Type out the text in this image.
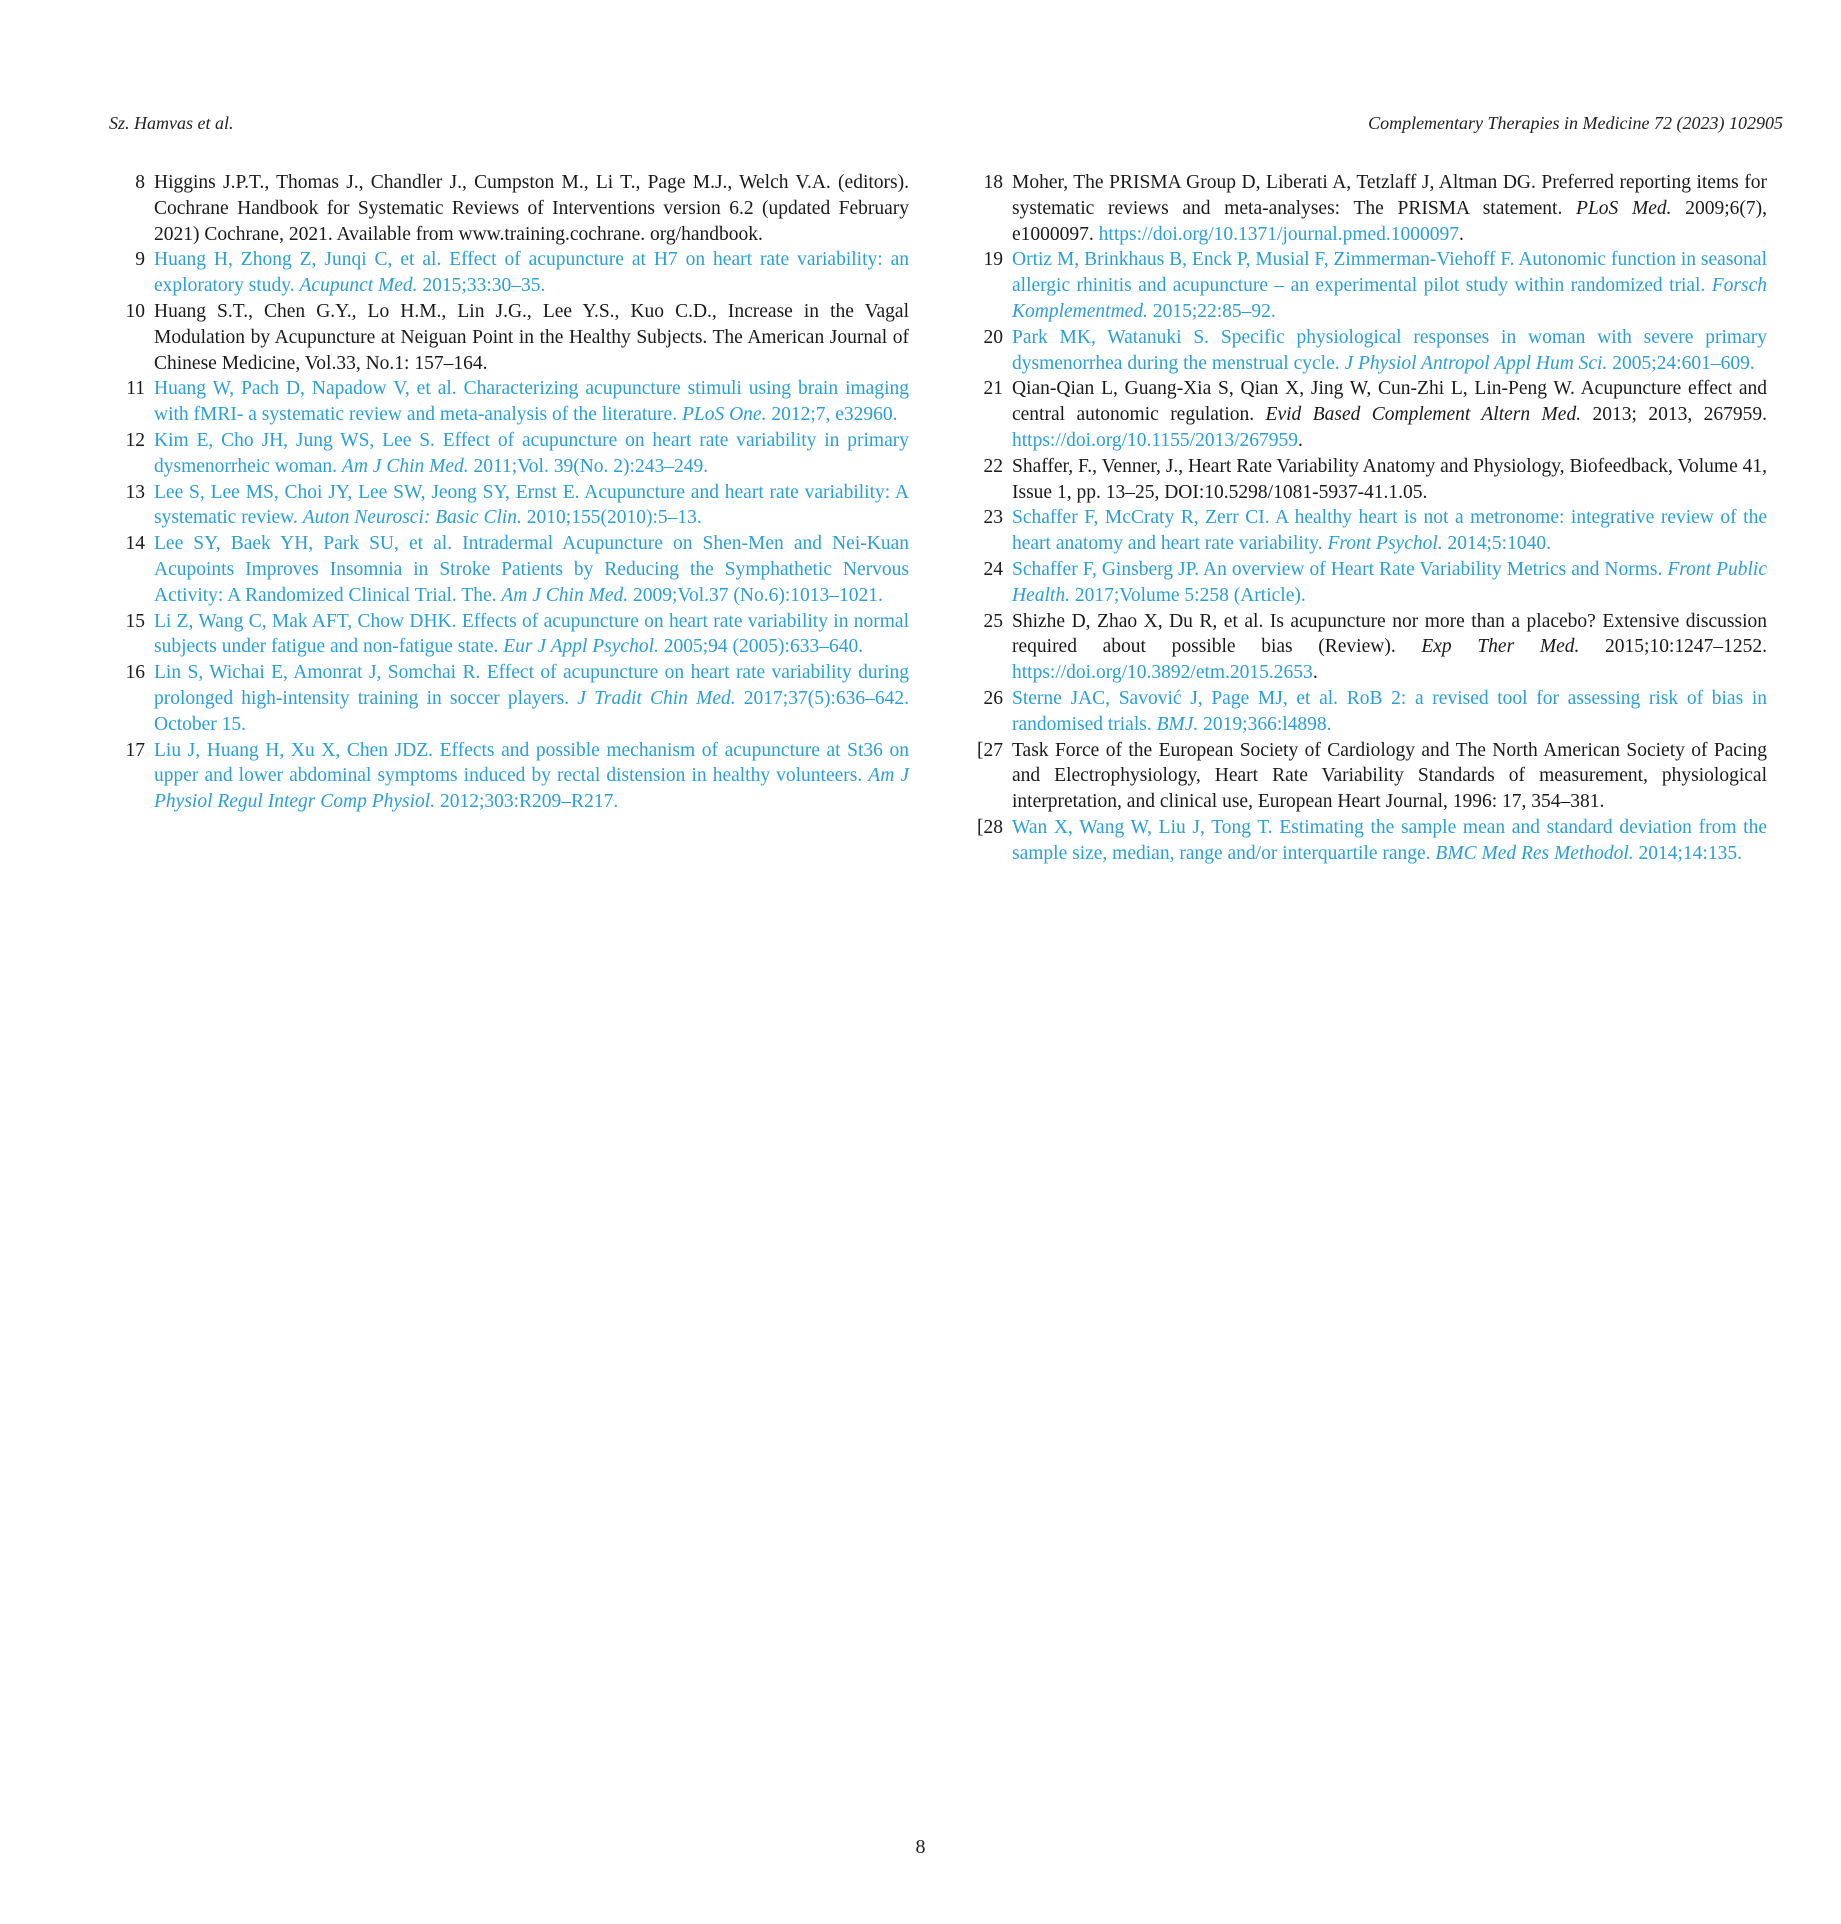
Sz. Hamvas et al.	Complementary Therapies in Medicine 72 (2023) 102905
8 Higgins J.P.T., Thomas J., Chandler J., Cumpston M., Li T., Page M.J., Welch V.A. (editors). Cochrane Handbook for Systematic Reviews of Interventions version 6.2 (updated February 2021) Cochrane, 2021. Available from www.training.cochrane. org/handbook.
9 Huang H, Zhong Z, Junqi C, et al. Effect of acupuncture at H7 on heart rate variability: an exploratory study. Acupunct Med. 2015;33:30–35.
10 Huang S.T., Chen G.Y., Lo H.M., Lin J.G., Lee Y.S., Kuo C.D., Increase in the Vagal Modulation by Acupuncture at Neiguan Point in the Healthy Subjects. The American Journal of Chinese Medicine, Vol.33, No.1: 157–164.
11 Huang W, Pach D, Napadow V, et al. Characterizing acupuncture stimuli using brain imaging with fMRI- a systematic review and meta-analysis of the literature. PLoS One. 2012;7, e32960.
12 Kim E, Cho JH, Jung WS, Lee S. Effect of acupuncture on heart rate variability in primary dysmenorrheic woman. Am J Chin Med. 2011;Vol. 39(No. 2):243–249.
13 Lee S, Lee MS, Choi JY, Lee SW, Jeong SY, Ernst E. Acupuncture and heart rate variability: A systematic review. Auton Neurosci: Basic Clin. 2010;155(2010):5–13.
14 Lee SY, Baek YH, Park SU, et al. Intradermal Acupuncture on Shen-Men and Nei-Kuan Acupoints Improves Insomnia in Stroke Patients by Reducing the Symphathetic Nervous Activity: A Randomized Clinical Trial. The. Am J Chin Med. 2009;Vol.37 (No.6):1013–1021.
15 Li Z, Wang C, Mak AFT, Chow DHK. Effects of acupuncture on heart rate variability in normal subjects under fatigue and non-fatigue state. Eur J Appl Psychol. 2005;94 (2005):633–640.
16 Lin S, Wichai E, Amonrat J, Somchai R. Effect of acupuncture on heart rate variability during prolonged high-intensity training in soccer players. J Tradit Chin Med. 2017;37(5):636–642. October 15.
17 Liu J, Huang H, Xu X, Chen JDZ. Effects and possible mechanism of acupuncture at St36 on upper and lower abdominal symptoms induced by rectal distension in healthy volunteers. Am J Physiol Regul Integr Comp Physiol. 2012;303:R209–R217.
18 Moher, The PRISMA Group D, Liberati A, Tetzlaff J, Altman DG. Preferred reporting items for systematic reviews and meta-analyses: The PRISMA statement. PLoS Med. 2009;6(7), e1000097. https://doi.org/10.1371/journal.pmed.1000097.
19 Ortiz M, Brinkhaus B, Enck P, Musial F, Zimmerman-Viehoff F. Autonomic function in seasonal allergic rhinitis and acupuncture – an experimental pilot study within randomized trial. Forsch Komplementmed. 2015;22:85–92.
20 Park MK, Watanuki S. Specific physiological responses in woman with severe primary dysmenorrhea during the menstrual cycle. J Physiol Antropol Appl Hum Sci. 2005;24:601–609.
21 Qian-Qian L, Guang-Xia S, Qian X, Jing W, Cun-Zhi L, Lin-Peng W. Acupuncture effect and central autonomic regulation. Evid Based Complement Altern Med. 2013; 2013, 267959. https://doi.org/10.1155/2013/267959.
22 Shaffer, F., Venner, J., Heart Rate Variability Anatomy and Physiology, Biofeedback, Volume 41, Issue 1, pp. 13–25, DOI:10.5298/1081-5937-41.1.05.
23 Schaffer F, McCraty R, Zerr CI. A healthy heart is not a metronome: integrative review of the heart anatomy and heart rate variability. Front Psychol. 2014;5:1040.
24 Schaffer F, Ginsberg JP. An overview of Heart Rate Variability Metrics and Norms. Front Public Health. 2017;Volume 5:258 (Article).
25 Shizhe D, Zhao X, Du R, et al. Is acupuncture nor more than a placebo? Extensive discussion required about possible bias (Review). Exp Ther Med. 2015;10:1247–1252. https://doi.org/10.3892/etm.2015.2653.
26 Sterne JAC, Savović J, Page MJ, et al. RoB 2: a revised tool for assessing risk of bias in randomised trials. BMJ. 2019;366:l4898.
[27 Task Force of the European Society of Cardiology and The North American Society of Pacing and Electrophysiology, Heart Rate Variability Standards of measurement, physiological interpretation, and clinical use, European Heart Journal, 1996: 17, 354–381.
[28 Wan X, Wang W, Liu J, Tong T. Estimating the sample mean and standard deviation from the sample size, median, range and/or interquartile range. BMC Med Res Methodol. 2014;14:135.
8
